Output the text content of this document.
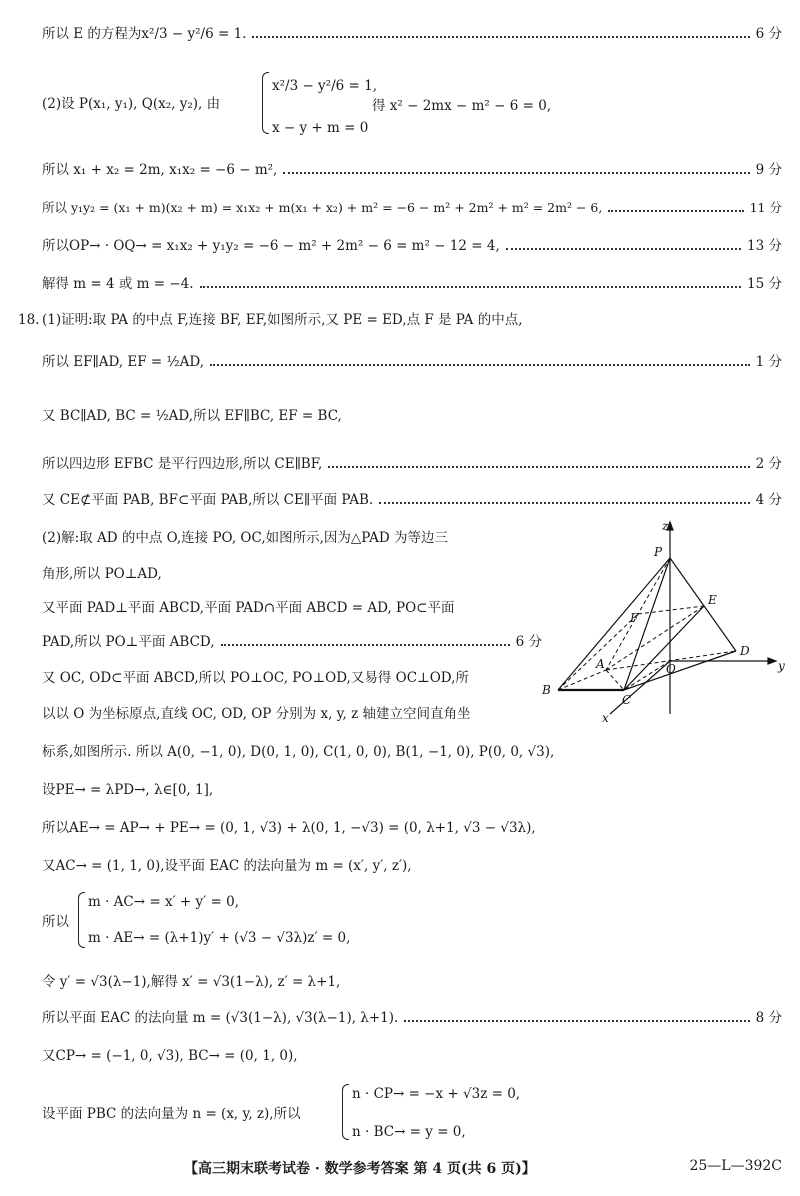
所以 E 的方程为x²/3 − y²/6 = 1.	6 分
(2)设 P(x₁, y₁), Q(x₂, y₂), 由
x²/3 − y²/6 = 1,
x − y + m = 0
得 x² − 2mx − m² − 6 = 0,
所以 x₁ + x₂ = 2m, x₁x₂ = −6 − m²,	9 分
所以 y₁y₂ = (x₁ + m)(x₂ + m) = x₁x₂ + m(x₁ + x₂) + m² = −6 − m² + 2m² + m² = 2m² − 6,	11 分
所以OP→ · OQ→ = x₁x₂ + y₁y₂ = −6 − m² + 2m² − 6 = m² − 12 = 4,	13 分
解得 m = 4 或 m = −4.	15 分
18. (1)证明:取 PA 的中点 F,连接 BF, EF,如图所示,又 PE = ED,点 F 是 PA 的中点,
所以 EF∥AD, EF = ½AD,	1 分
又 BC∥AD, BC = ½AD,所以 EF∥BC, EF = BC,
所以四边形 EFBC 是平行四边形,所以 CE∥BF,	2 分
又 CE⊄平面 PAB, BF⊂平面 PAB,所以 CE∥平面 PAB.	4 分
(2)解:取 AD 的中点 O,连接 PO, OC,如图所示,因为△PAD 为等边三
角形,所以 PO⊥AD,
又平面 PAD⊥平面 ABCD,平面 PAD∩平面 ABCD = AD, PO⊂平面
PAD,所以 PO⊥平面 ABCD,	6 分
又 OC, OD⊂平面 ABCD,所以 PO⊥OC, PO⊥OD,又易得 OC⊥OD,所
以以 O 为坐标原点,直线 OC, OD, OP 分别为 x, y, z 轴建立空间直角坐
z
P
E
F
A	O
D
y
B
C
x
标系,如图所示. 所以 A(0, −1, 0), D(0, 1, 0), C(1, 0, 0), B(1, −1, 0), P(0, 0, √3),
设PE→ = λPD→, λ∈[0, 1],
所以AE→ = AP→ + PE→ = (0, 1, √3) + λ(0, 1, −√3) = (0, λ+1, √3 − √3λ),
又AC→ = (1, 1, 0),设平面 EAC 的法向量为 m = (x′, y′, z′),
所以
m · AC→ = x′ + y′ = 0,
m · AE→ = (λ+1)y′ + (√3 − √3λ)z′ = 0,
令 y′ = √3(λ−1),解得 x′ = √3(1−λ), z′ = λ+1,
所以平面 EAC 的法向量 m = (√3(1−λ), √3(λ−1), λ+1).	8 分
又CP→ = (−1, 0, √3), BC→ = (0, 1, 0),
设平面 PBC 的法向量为 n = (x, y, z),所以
n · CP→ = −x + √3z = 0,
n · BC→ = y = 0,
【高三期末联考试卷 · 数学参考答案 第 4 页(共 6 页)】	25—L—392C
